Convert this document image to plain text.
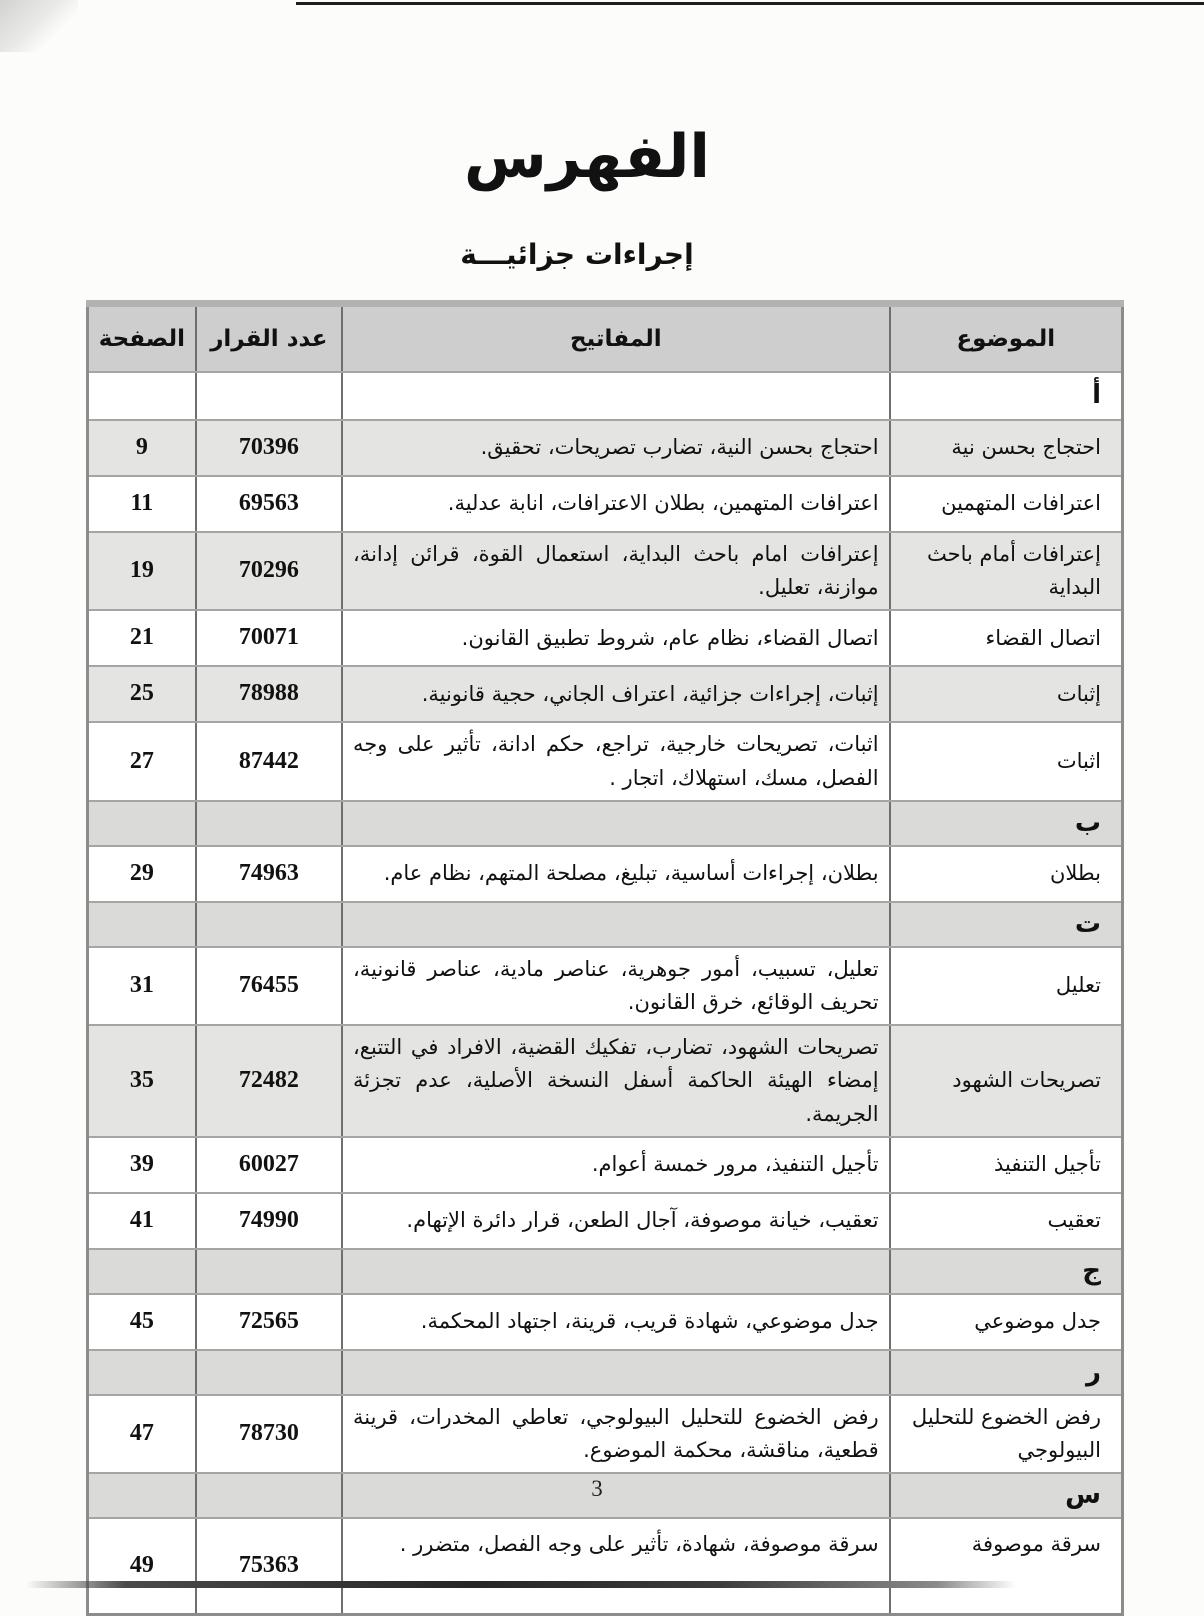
الفهرس
إجراءات جزائيـــة
الموضوع	المفاتيح	عدد القرار	الصفحة
أ			
احتجاج بحسن نية	احتجاج بحسن النية، تضارب تصريحات، تحقيق.	70396	9
اعترافات المتهمين	اعترافات المتهمين، بطلان الاعترافات، انابة عدلية.	69563	11
إعترافات أمام باحث البداية	إعترافات امام باحث البداية، استعمال القوة، قرائن إدانة، موازنة، تعليل.	70296	19
اتصال القضاء	اتصال القضاء، نظام عام، شروط تطبيق القانون.	70071	21
إثبات	إثبات، إجراءات جزائية، اعتراف الجاني، حجية قانونية.	78988	25
اثبات	اثبات، تصريحات خارجية، تراجع، حكم ادانة، تأثير على وجه الفصل، مسك، استهلاك، اتجار .	87442	27
ب			
بطلان	بطلان، إجراءات أساسية، تبليغ، مصلحة المتهم، نظام عام.	74963	29
ت			
تعليل	تعليل، تسبيب، أمور جوهرية، عناصر مادية، عناصر قانونية، تحريف الوقائع، خرق القانون.	76455	31
تصريحات الشهود	تصريحات الشهود، تضارب، تفكيك القضية، الافراد في التتبع، إمضاء الهيئة الحاكمة أسفل النسخة الأصلية، عدم تجزئة الجريمة.	72482	35
تأجيل التنفيذ	تأجيل التنفيذ، مرور خمسة أعوام.	60027	39
تعقيب	تعقيب، خيانة موصوفة، آجال الطعن، قرار دائرة الإتهام.	74990	41
ج			
جدل موضوعي	جدل موضوعي، شهادة قريب، قرينة، اجتهاد المحكمة.	72565	45
ر			
رفض الخضوع للتحليل البيولوجي	رفض الخضوع للتحليل البيولوجي، تعاطي المخدرات، قرينة قطعية، مناقشة، محكمة الموضوع.	78730	47
س			
سرقة موصوفة	سرقة موصوفة، شهادة، تأثير على وجه الفصل، متضرر .	75363	49
3
